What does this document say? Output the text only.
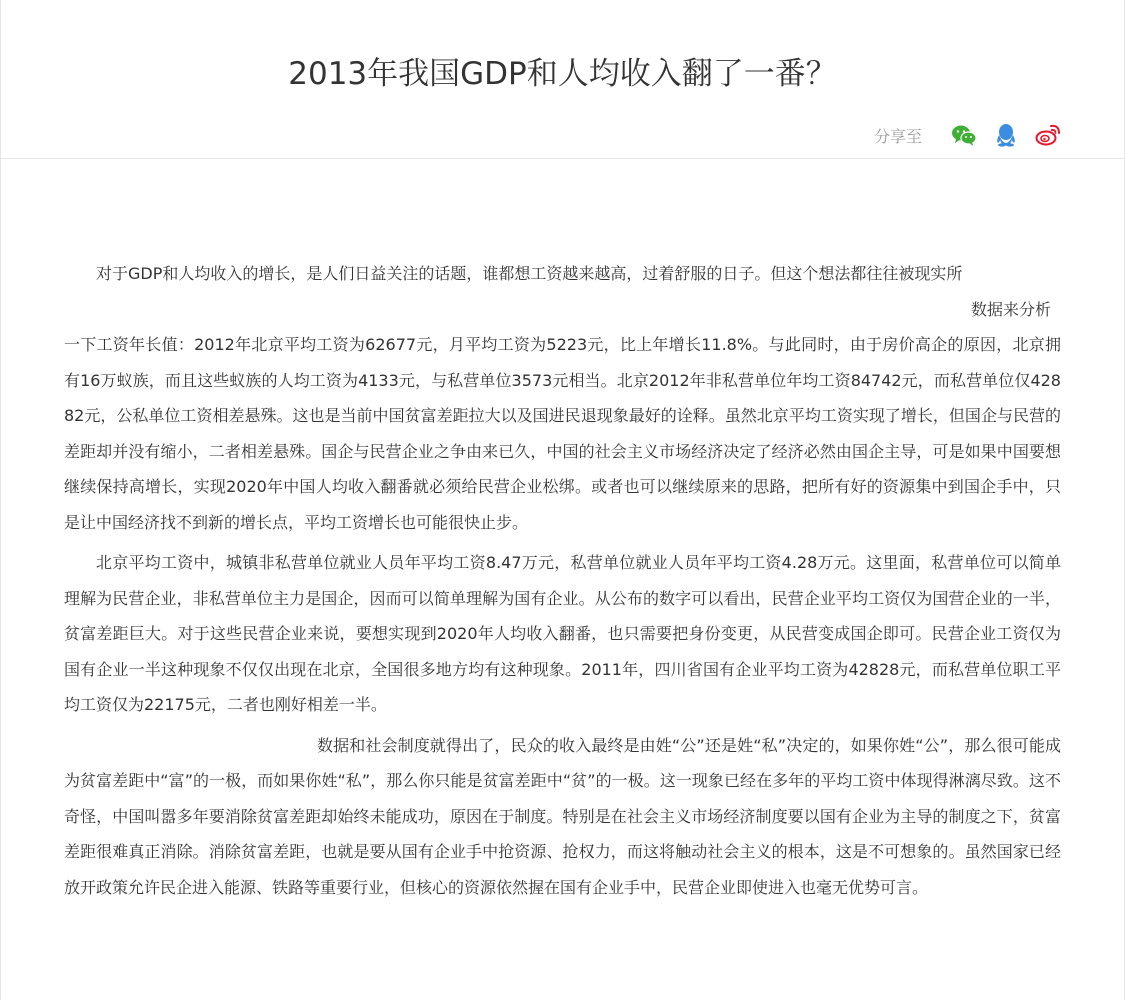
2013年我国GDP和人均收入翻了一番？
分享至

对于GDP和人均收入的增长，是人们日益关注的话题，谁都想工资越来越高，过着舒服的日子。但这个想法都往往被现实所
数据来分析
一下工资年长值：2012年北京平均工资为62677元，月平均工资为5223元，比上年增长11.8%。与此同时，由于房价高企的原因，北京拥有16万蚁族，而且这些蚁族的人均工资为4133元，与私营单位3573元相当。北京2012年非私营单位年均工资84742元，而私营单位仅42882元，公私单位工资相差悬殊。这也是当前中国贫富差距拉大以及国进民退现象最好的诠释。虽然北京平均工资实现了增长，但国企与民营的差距却并没有缩小，二者相差悬殊。国企与民营企业之争由来已久，中国的社会主义市场经济决定了经济必然由国企主导，可是如果中国要想继续保持高增长，实现2020年中国人均收入翻番就必须给民营企业松绑。或者也可以继续原来的思路，把所有好的资源集中到国企手中，只是让中国经济找不到新的增长点，平均工资增长也可能很快止步。

北京平均工资中，城镇非私营单位就业人员年平均工资8.47万元，私营单位就业人员年平均工资4.28万元。这里面，私营单位可以简单理解为民营企业，非私营单位主力是国企，因而可以简单理解为国有企业。从公布的数字可以看出，民营企业平均工资仅为国营企业的一半，贫富差距巨大。对于这些民营企业来说，要想实现到2020年人均收入翻番，也只需要把身份变更，从民营变成国企即可。民营企业工资仅为国有企业一半这种现象不仅仅出现在北京，全国很多地方均有这种现象。2011年，四川省国有企业平均工资为42828元，而私营单位职工平均工资仅为22175元，二者也刚好相差一半。

数据和社会制度就得出了，民众的收入最终是由姓“公”还是姓“私”决定的，如果你姓“公”，那么很可能成为贫富差距中“富”的一极，而如果你姓“私”，那么你只能是贫富差距中“贫”的一极。这一现象已经在多年的平均工资中体现得淋漓尽致。这不奇怪，中国叫嚣多年要消除贫富差距却始终未能成功，原因在于制度。特别是在社会主义市场经济制度要以国有企业为主导的制度之下，贫富差距很难真正消除。消除贫富差距，也就是要从国有企业手中抢资源、抢权力，而这将触动社会主义的根本，这是不可想象的。虽然国家已经放开政策允许民企进入能源、铁路等重要行业，但核心的资源依然握在国有企业手中，民营企业即使进入也毫无优势可言。
